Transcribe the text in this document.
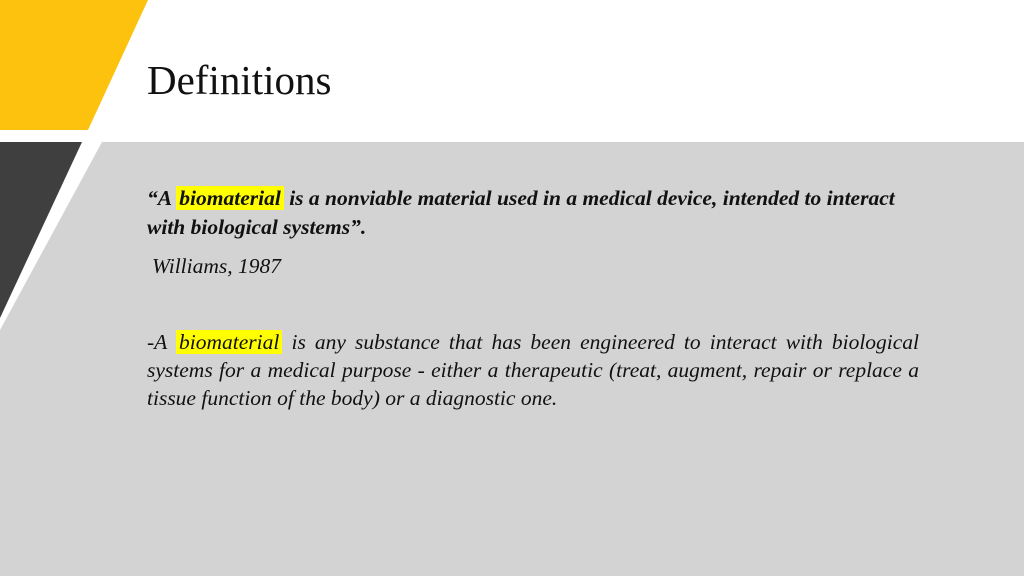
Definitions
“A biomaterial is a nonviable material used in a medical device, intended to interact with biological systems”.
Williams, 1987
-A biomaterial is any substance that has been engineered to interact with biological systems for a medical purpose - either a therapeutic (treat, augment, repair or replace a tissue function of the body) or a diagnostic one.
